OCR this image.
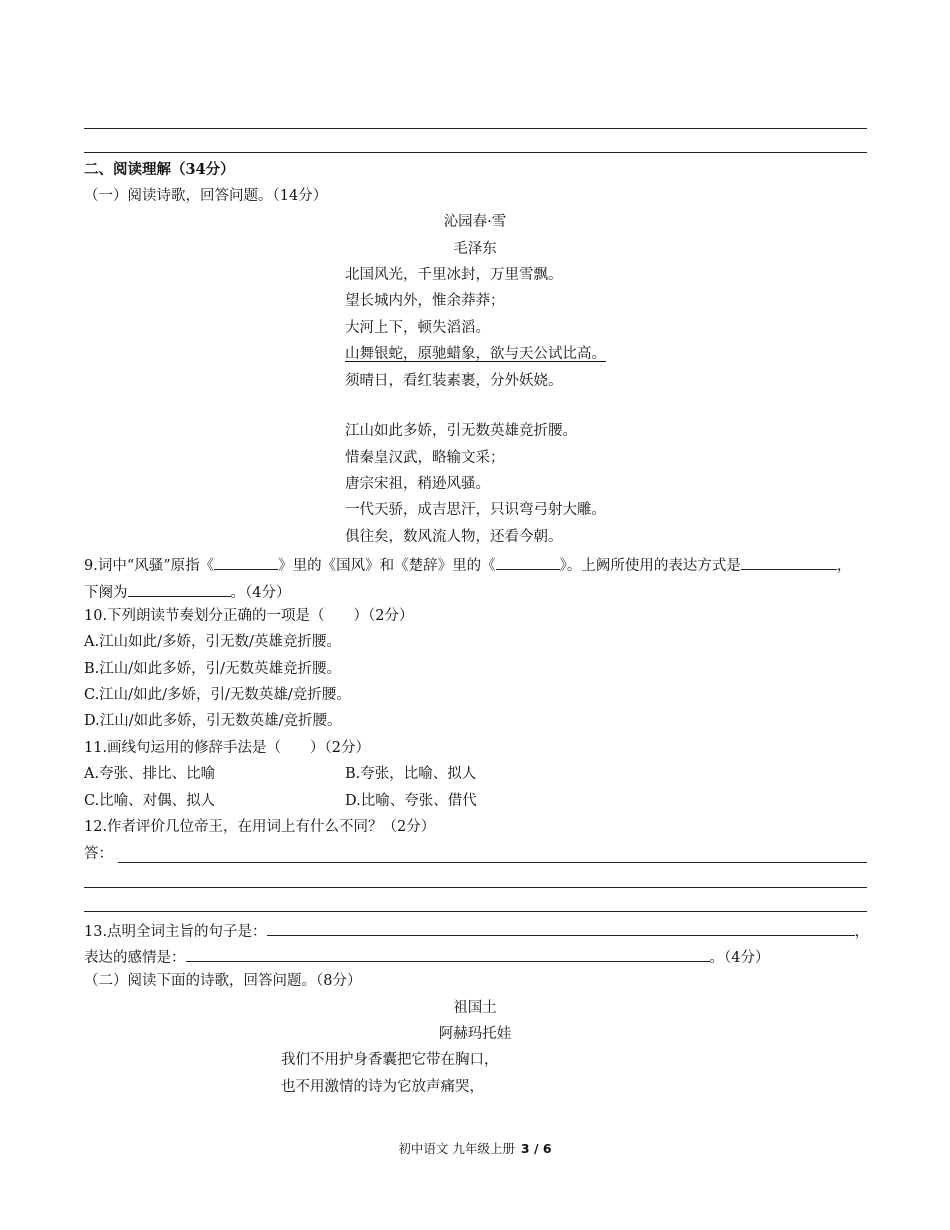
二、阅读理解（34分）
（一）阅读诗歌，回答问题。（14分）
沁园春·雪
毛泽东
北国风光，千里冰封，万里雪飘。
望长城内外，惟余莽莽；
大河上下，顿失滔滔。
山舞银蛇，原驰蜡象，欲与天公试比高。
须晴日，看红装素裹，分外妖娆。
江山如此多娇，引无数英雄竞折腰。
惜秦皇汉武，略输文采；
唐宗宋祖，稍逊风骚。
一代天骄，成吉思汗，只识弯弓射大雕。
俱往矣，数风流人物，还看今朝。
9.词中“风骚”原指《	》里的《国风》和《楚辞》里的《	》。上阙所使用的表达方式是	，
下阕为	。（4分）
10.下列朗读节奏划分正确的一项是（　　）（2分）
A.江山如此/多娇，引无数/英雄竞折腰。
B.江山/如此多娇，引/无数英雄竞折腰。
C.江山/如此/多娇，引/无数英雄/竞折腰。
D.江山/如此多娇，引无数英雄/竞折腰。
11.画线句运用的修辞手法是（　　）（2分）
A.夸张、排比、比喻	B.夸张，比喻、拟人
C.比喻、对偶、拟人	D.比喻、夸张、借代
12.作者评价几位帝王，在用词上有什么不同？（2分）
答：
13.点明全词主旨的句子是：	，
表达的感情是：	。（4分）
（二）阅读下面的诗歌，回答问题。（8分）
祖国土
阿赫玛托娃
我们不用护身香囊把它带在胸口，
也不用激情的诗为它放声痛哭，
初中语文 九年级上册 3 / 6
